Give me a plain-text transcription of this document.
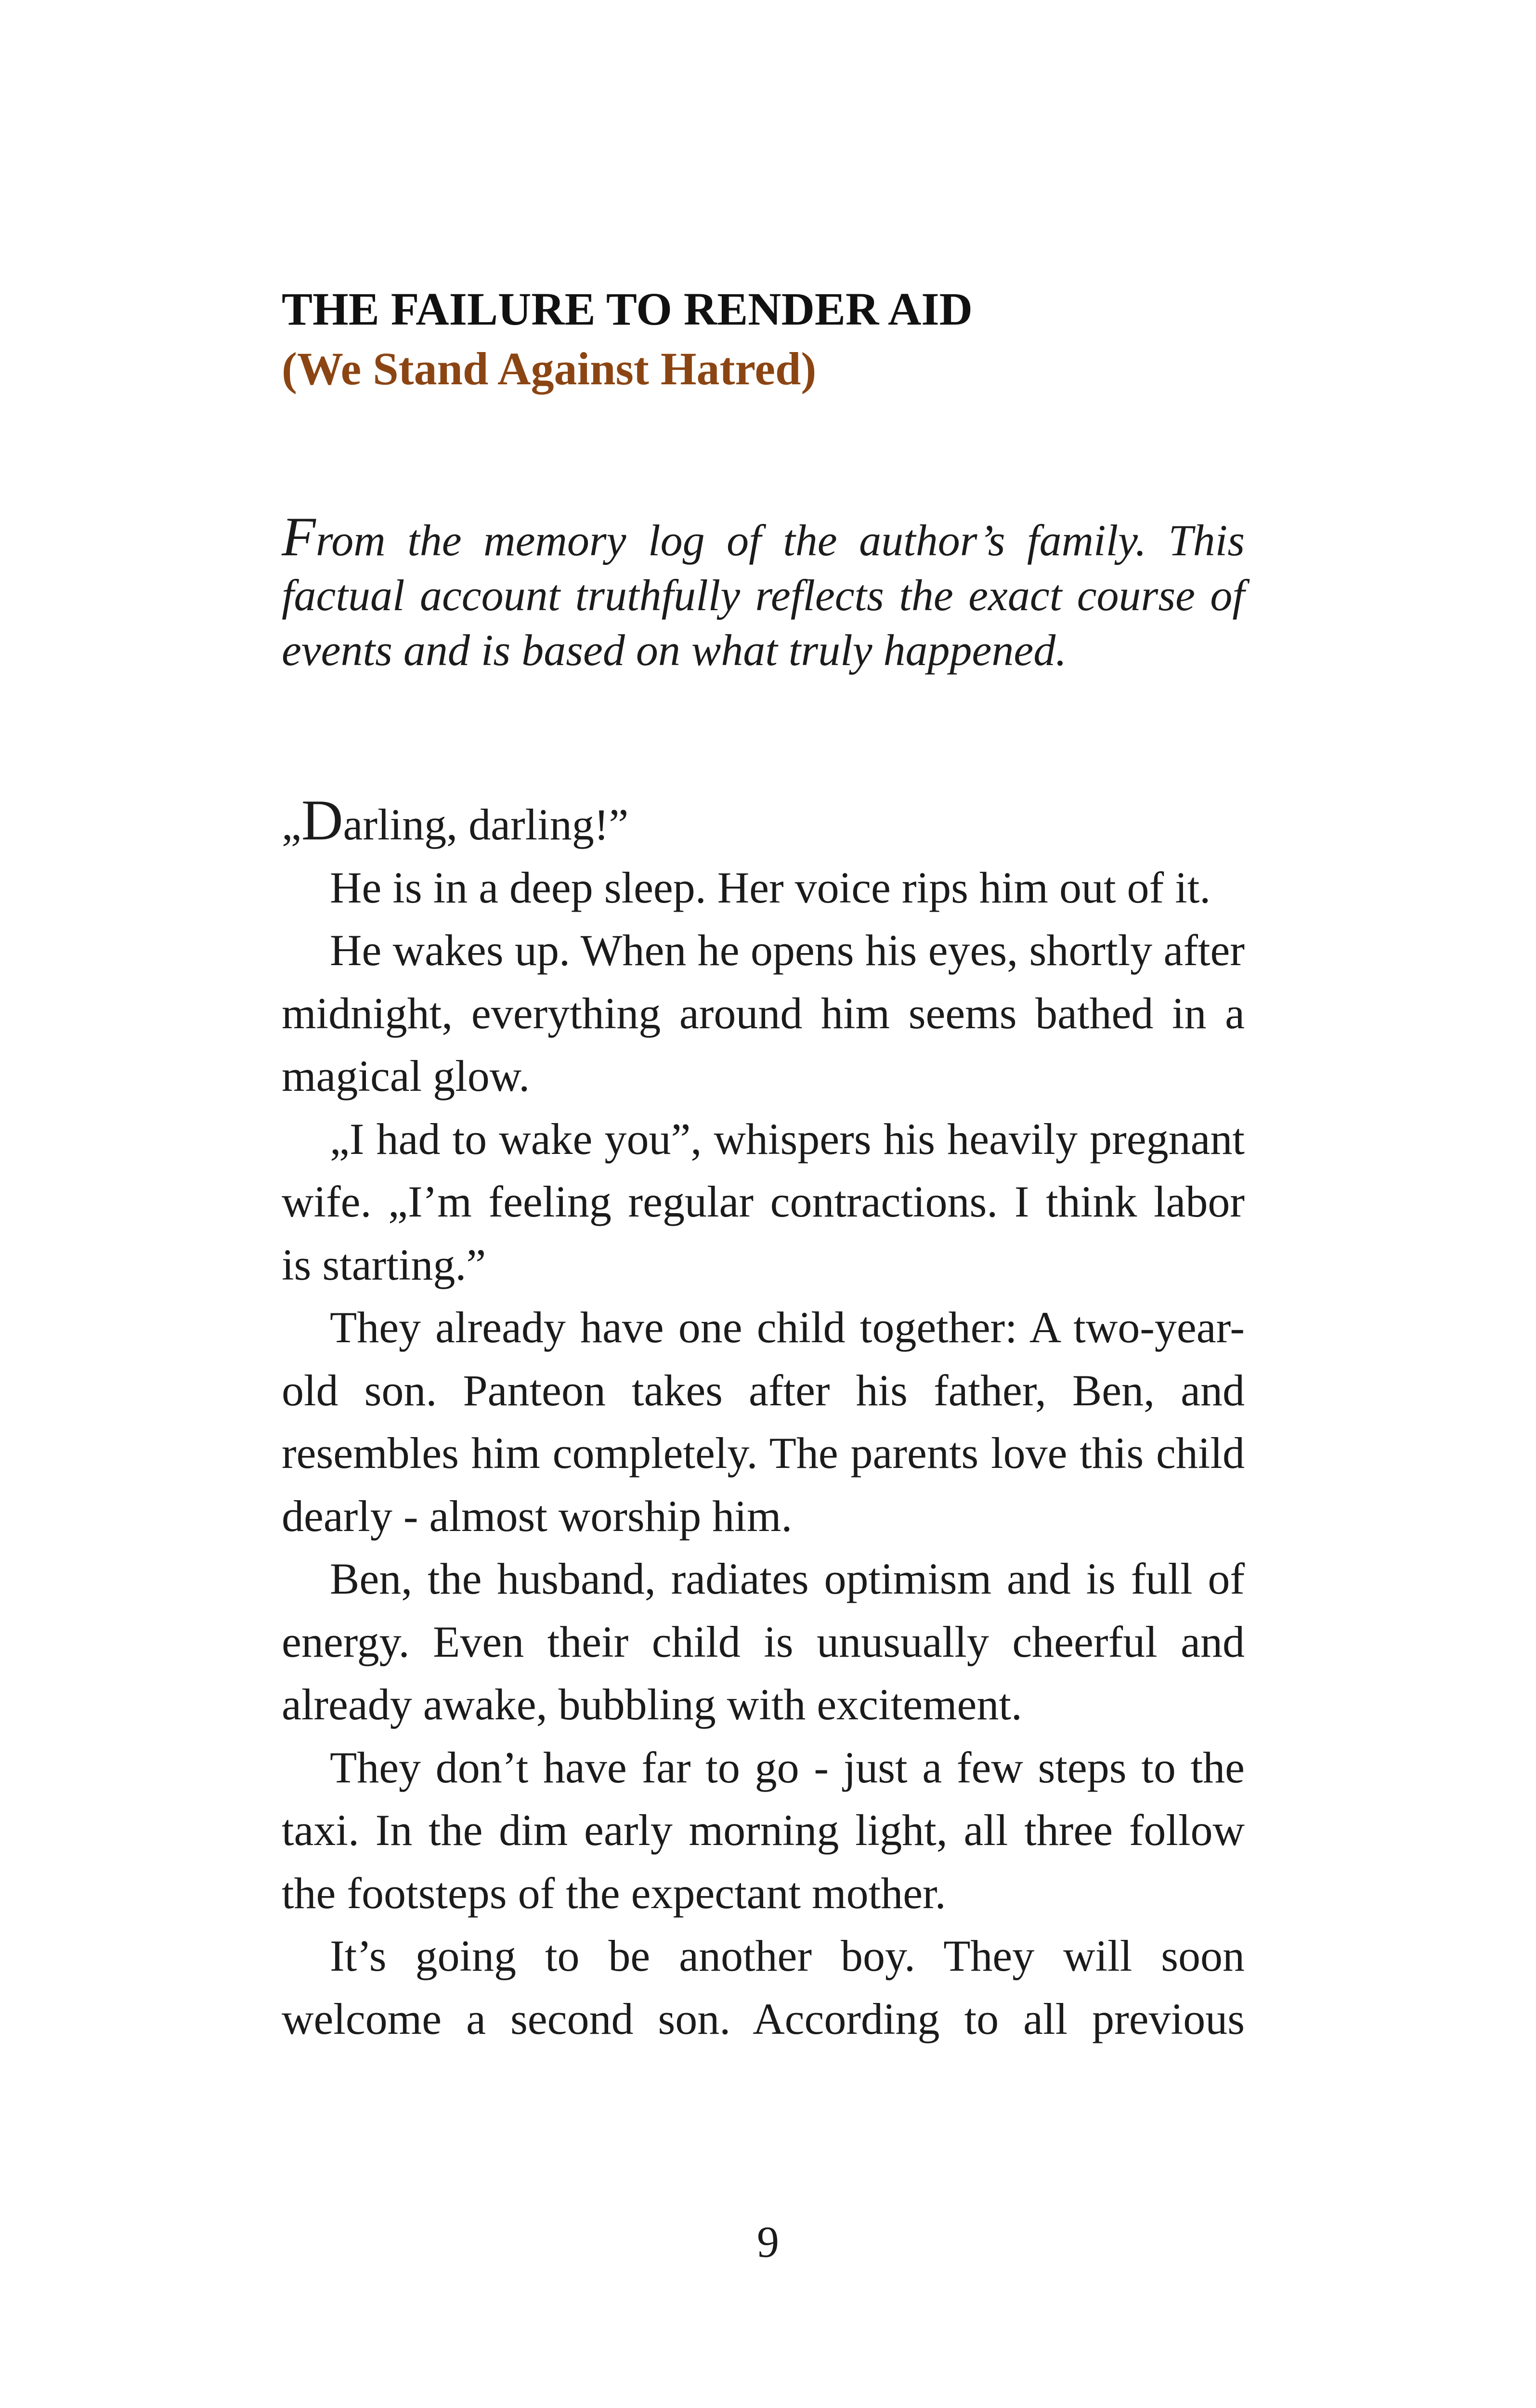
THE FAILURE TO RENDER AID
(We Stand Against Hatred)

From the memory log of the author’s family. This factual account truthfully reflects the exact course of events and is based on what truly happened.

„Darling, darling!”

He is in a deep sleep. Her voice rips him out of it.

He wakes up. When he opens his eyes, shortly after midnight, everything around him seems bathed in a magical glow.

„I had to wake you”, whispers his heavily pregnant wife. „I’m feeling regular contractions. I think labor is starting.”

They already have one child together: A two-year-old son. Panteon takes after his father, Ben, and resembles him completely. The parents love this child dearly - almost worship him.

Ben, the husband, radiates optimism and is full of energy. Even their child is unusually cheerful and already awake, bubbling with excitement.

They don’t have far to go - just a few steps to the taxi. In the dim early morning light, all three follow the footsteps of the expectant mother.

It’s going to be another boy. They will soon welcome a second son. According to all previous

9
